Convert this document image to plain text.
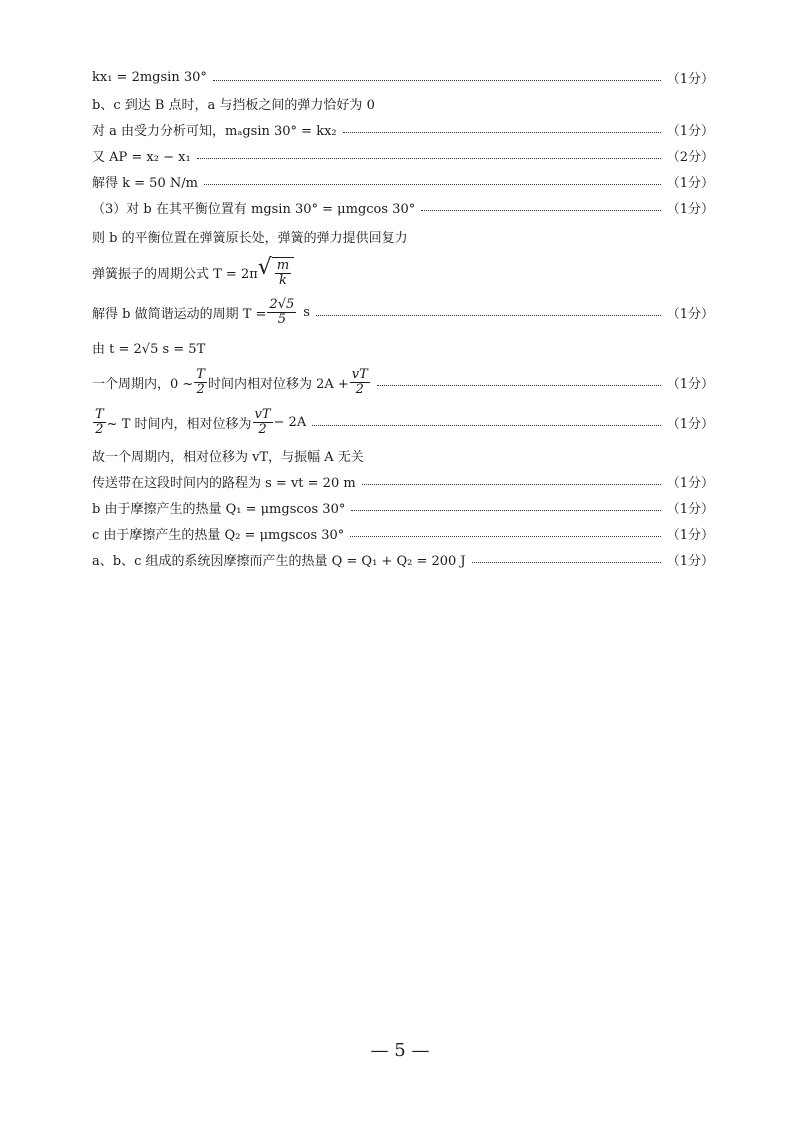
kx₁ = 2mgsin 30°	（1分）
b、c 到达 B 点时，a 与挡板之间的弹力恰好为 0
对 a 由受力分析可知，mₐgsin 30° = kx₂	（1分）
又 AP = x₂ − x₁	（2分）
解得 k = 50 N/m	（1分）
（3）对 b 在其平衡位置有 mgsin 30° = μmgcos 30°	（1分）
则 b 的平衡位置在弹簧原长处，弹簧的弹力提供回复力
弹簧振子的周期公式 T = 2π √ $\frac{m}{k}$
解得 b 做简谐运动的周期 $T = \frac{2√5}{5}$ s	（1分）
由 t = 2√5 s = 5T
一个周期内，0 ~ $\frac{T}{2}$ 时间内相对位移为 $2A + \frac{vT}{2}$	（1分）
$\frac{T}{2}$ ~ T 时间内，相对位移为 $\frac{vT}{2} - 2A$	（1分）
故一个周期内，相对位移为 vT，与振幅 A 无关
传送带在这段时间内的路程为 s = vt = 20 m	（1分）
b 由于摩擦产生的热量 Q₁ = μmgscos 30°	（1分）
c 由于摩擦产生的热量 Q₂ = μmgscos 30°	（1分）
a、b、c 组成的系统因摩擦而产生的热量 Q = Q₁ + Q₂ = 200 J	（1分）
— 5 —
